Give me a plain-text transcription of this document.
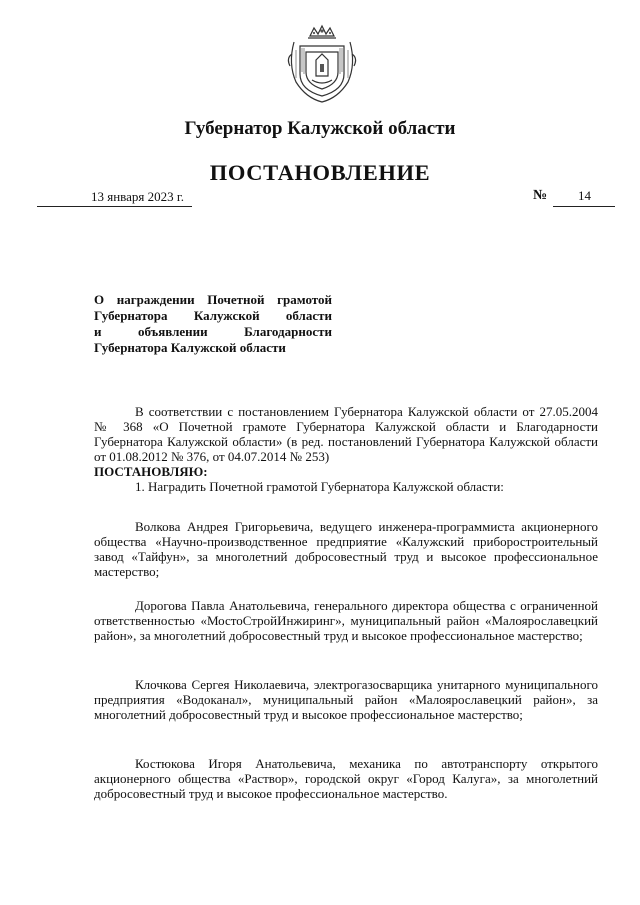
Губернатор Калужской области
ПОСТАНОВЛЕНИЕ
13 января 2023 г.	№ 14
О награждении Почетной грамотой
Губернатора Калужской области
и объявлении Благодарности
Губернатора Калужской области

В соответствии с постановлением Губернатора Калужской области от 27.05.2004 № 368 «О Почетной грамоте Губернатора Калужской области и Благодарности Губернатора Калужской области» (в ред. постановлений Губернатора Калужской области от 01.08.2012 № 376, от 04.07.2014 № 253)

ПОСТАНОВЛЯЮ:

1. Наградить Почетной грамотой Губернатора Калужской области:

Волкова Андрея Григорьевича, ведущего инженера-программиста акционерного общества «Научно-производственное предприятие «Калужский приборостроительный завод «Тайфун», за многолетний добросовестный труд и высокое профессиональное мастерство;

Дорогова Павла Анатольевича, генерального директора общества с ограниченной ответственностью «МостоСтройИнжиринг», муниципальный район «Малоярославецкий район», за многолетний добросовестный труд и высокое профессиональное мастерство;

Клочкова Сергея Николаевича, электрогазосварщика унитарного муниципального предприятия «Водоканал», муниципальный район «Малоярославецкий район», за многолетний добросовестный труд и высокое профессиональное мастерство;

Костюкова Игоря Анатольевича, механика по автотранспорту открытого акционерного общества «Раствор», городской округ «Город Калуга», за многолетний добросовестный труд и высокое профессиональное мастерство.
